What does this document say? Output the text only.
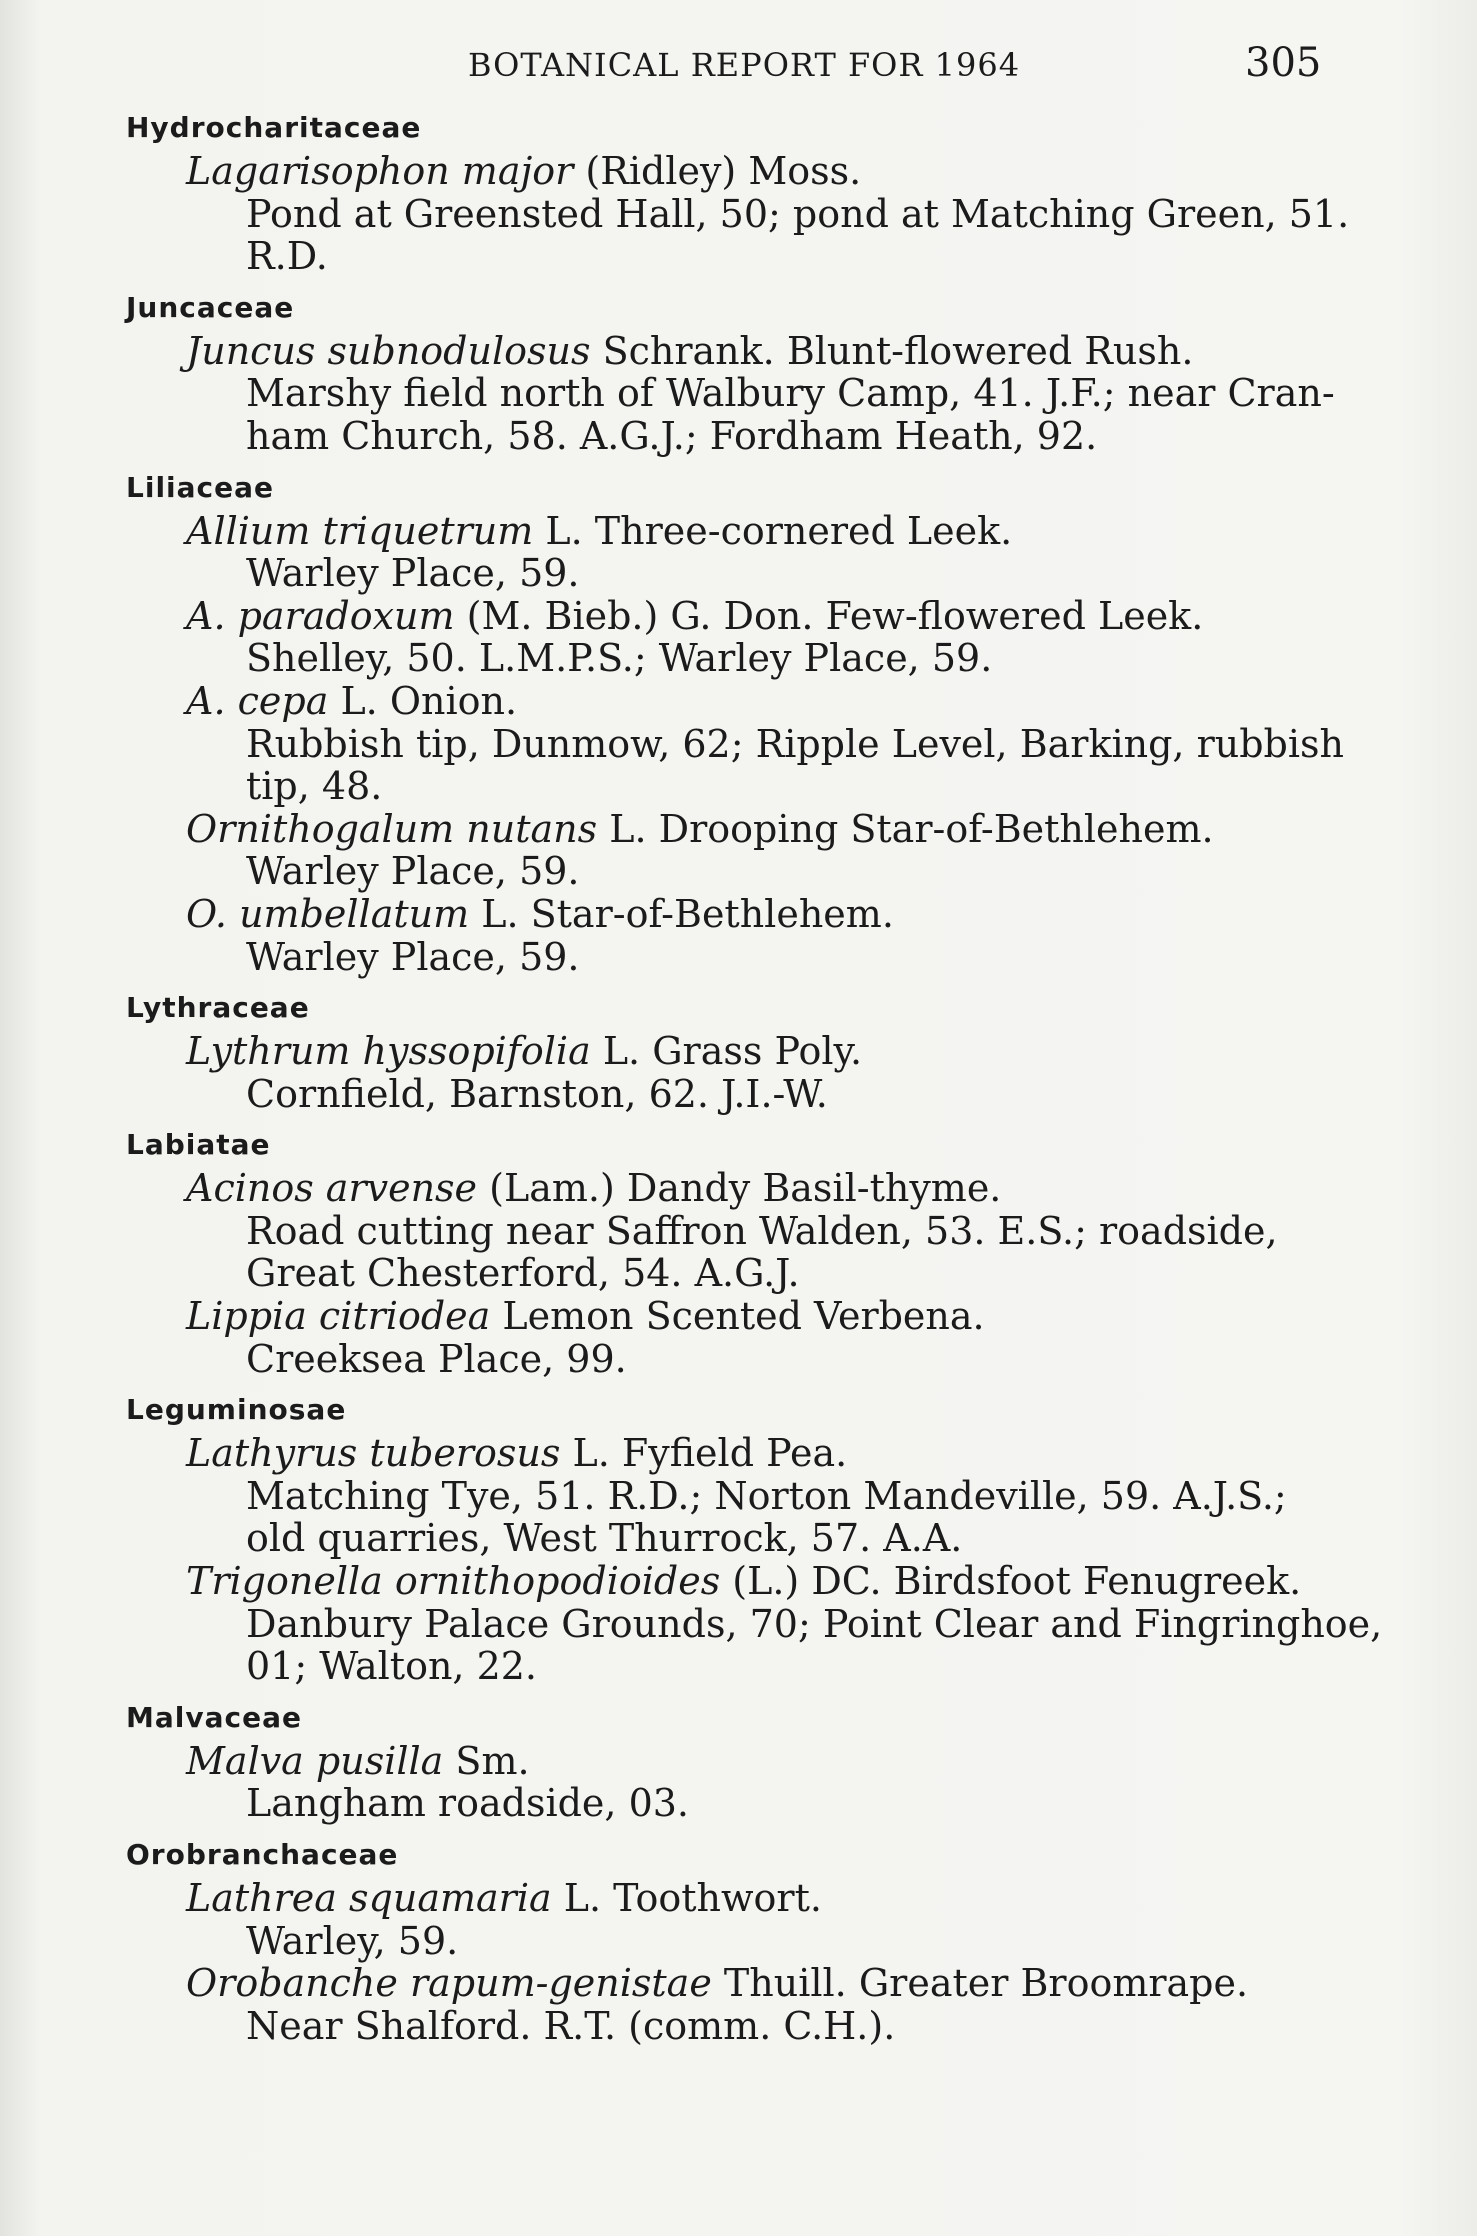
BOTANICAL REPORT FOR 1964	305
Hydrocharitaceae
Lagarisophon major (Ridley) Moss.
Pond at Greensted Hall, 50; pond at Matching Green, 51.
R.D.
Juncaceae
Juncus subnodulosus Schrank. Blunt-flowered Rush.
Marshy field north of Walbury Camp, 41. J.F.; near Cran-
ham Church, 58. A.G.J.; Fordham Heath, 92.
Liliaceae
Allium triquetrum L. Three-cornered Leek.
Warley Place, 59.
A. paradoxum (M. Bieb.) G. Don. Few-flowered Leek.
Shelley, 50. L.M.P.S.; Warley Place, 59.
A. cepa L. Onion.
Rubbish tip, Dunmow, 62; Ripple Level, Barking, rubbish
tip, 48.
Ornithogalum nutans L. Drooping Star-of-Bethlehem.
Warley Place, 59.
O. umbellatum L. Star-of-Bethlehem.
Warley Place, 59.
Lythraceae
Lythrum hyssopifolia L. Grass Poly.
Cornfield, Barnston, 62. J.I.-W.
Labiatae
Acinos arvense (Lam.) Dandy Basil-thyme.
Road cutting near Saffron Walden, 53. E.S.; roadside,
Great Chesterford, 54. A.G.J.
Lippia citriodea Lemon Scented Verbena.
Creeksea Place, 99.
Leguminosae
Lathyrus tuberosus L. Fyfield Pea.
Matching Tye, 51. R.D.; Norton Mandeville, 59. A.J.S.;
old quarries, West Thurrock, 57. A.A.
Trigonella ornithopodioides (L.) DC. Birdsfoot Fenugreek.
Danbury Palace Grounds, 70; Point Clear and Fingringhoe,
01; Walton, 22.
Malvaceae
Malva pusilla Sm.
Langham roadside, 03.
Orobranchaceae
Lathrea squamaria L. Toothwort.
Warley, 59.
Orobanche rapum-genistae Thuill. Greater Broomrape.
Near Shalford. R.T. (comm. C.H.).
